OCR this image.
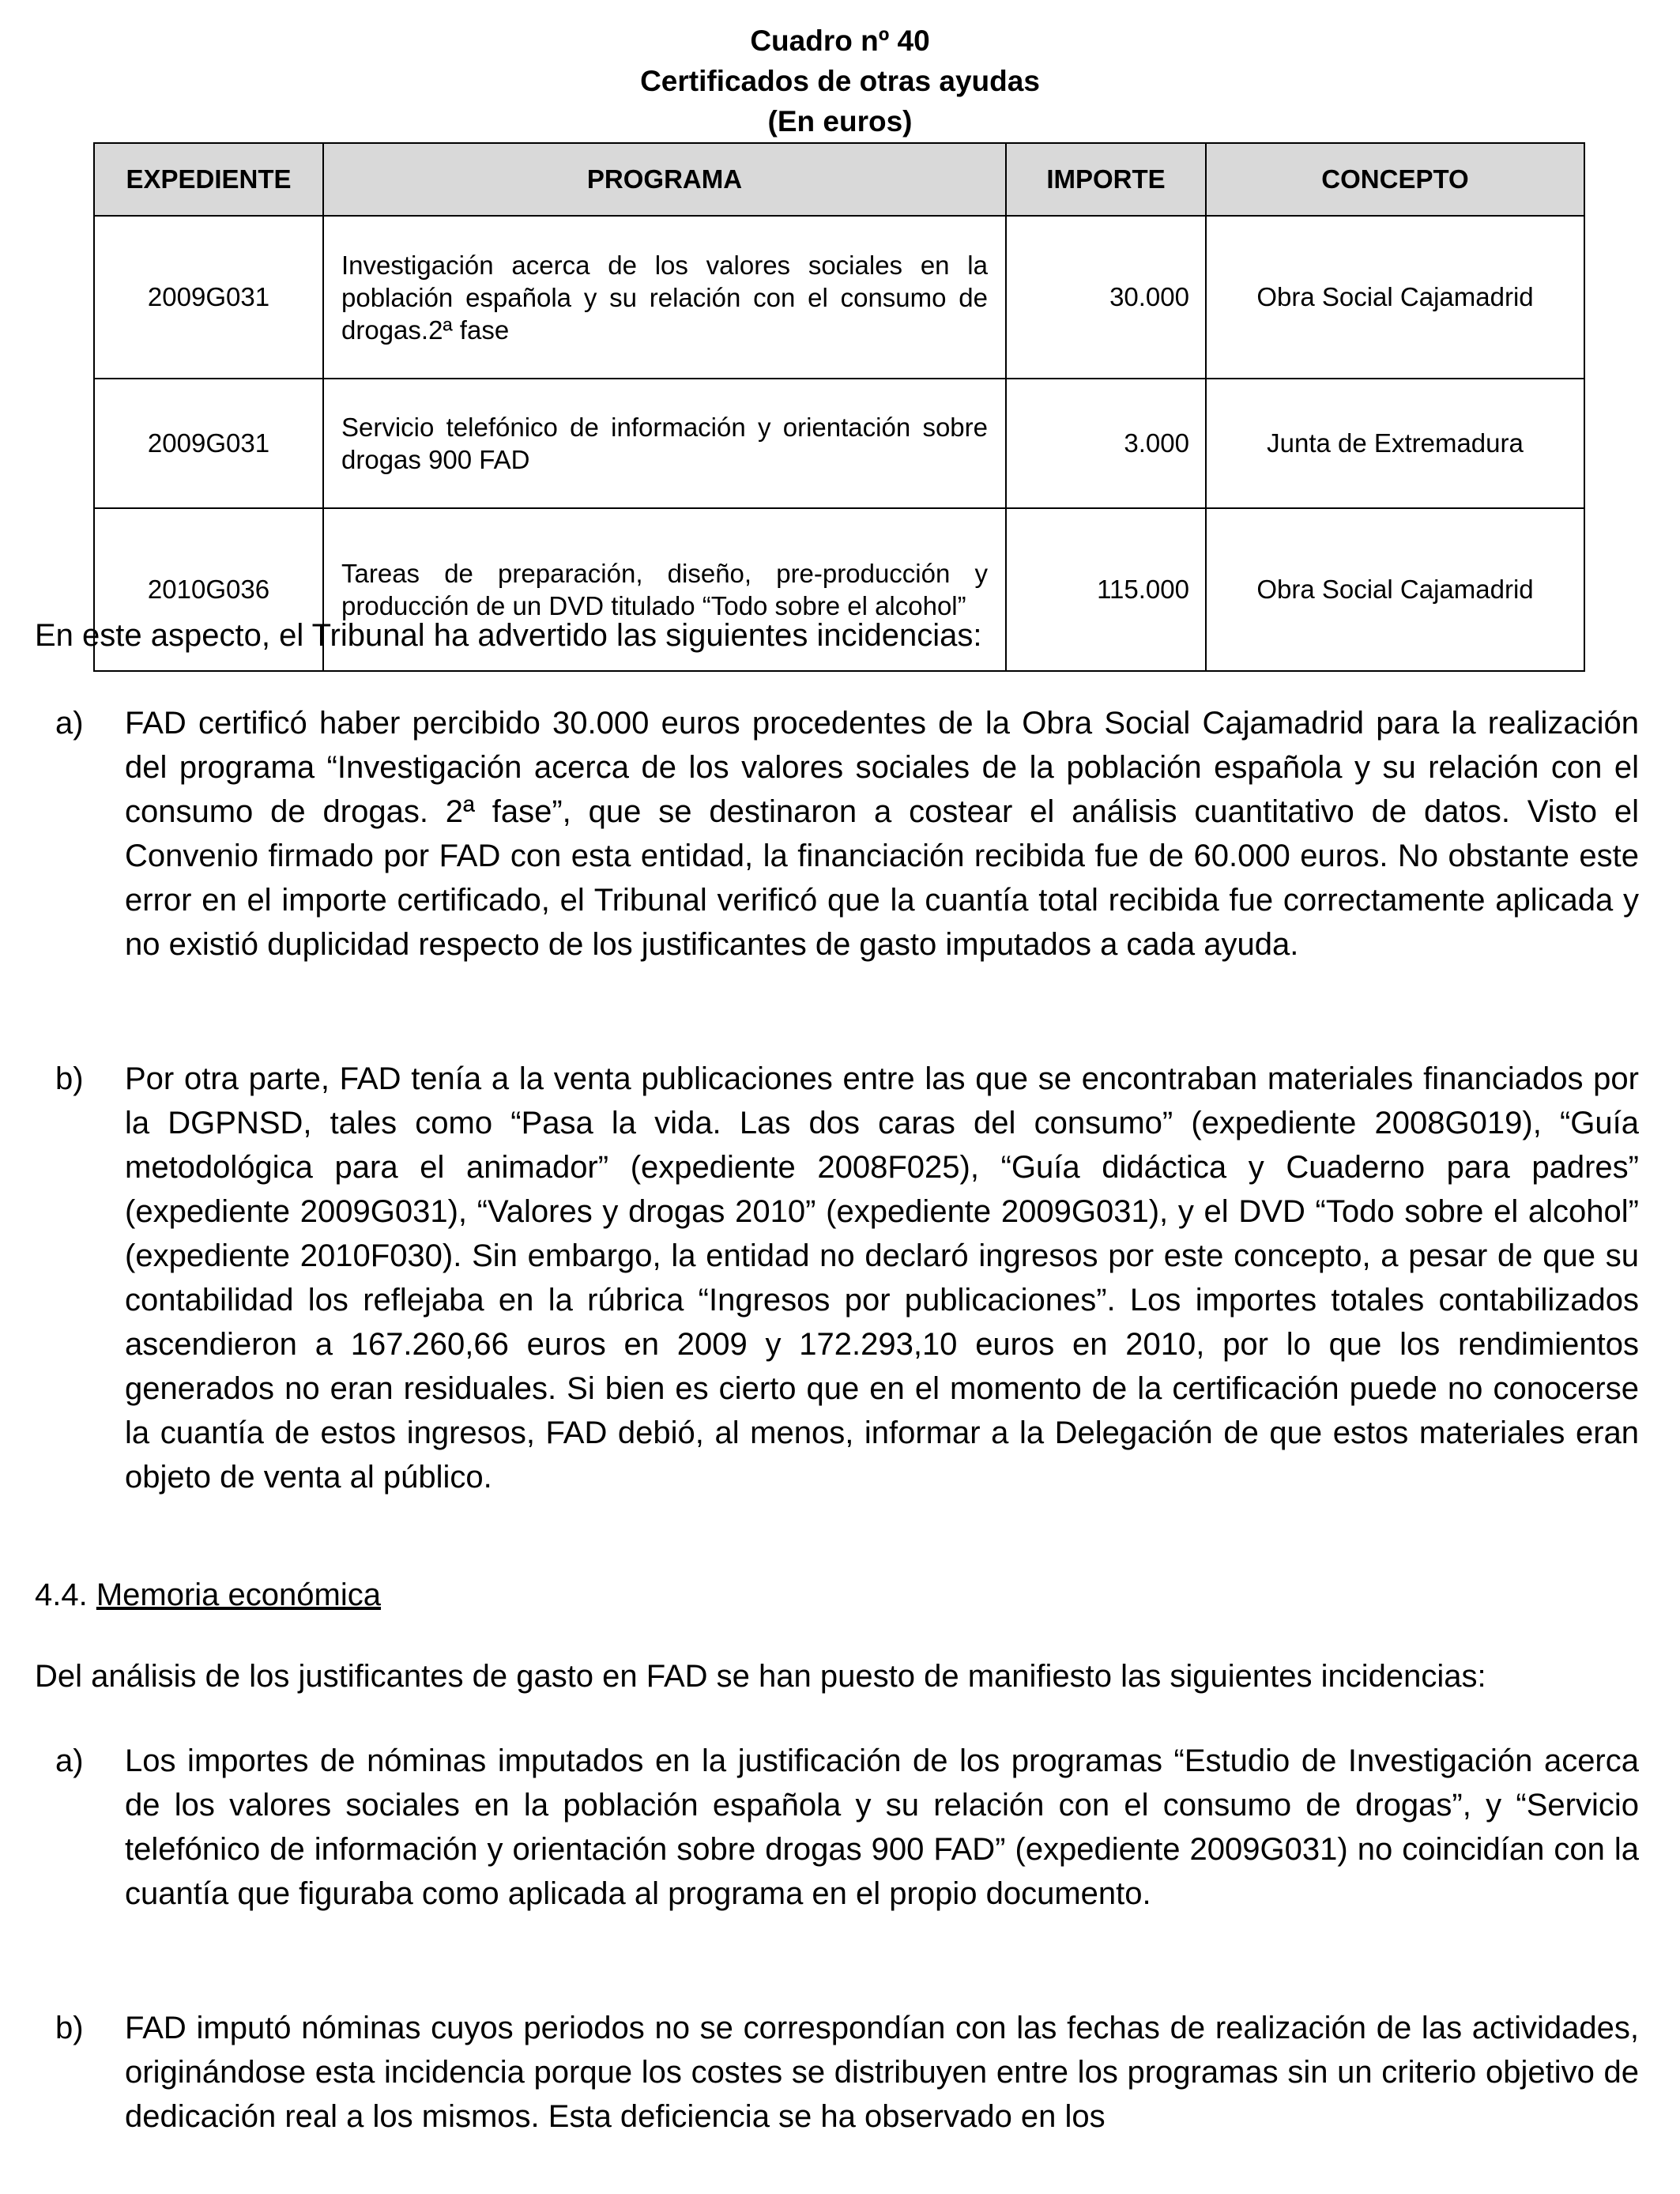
Cuadro nº 40
Certificados de otras ayudas
(En euros)
EXPEDIENTE	PROGRAMA	IMPORTE	CONCEPTO
2009G031	Investigación acerca de los valores sociales en la población española y su relación con el consumo de drogas.2ª fase	30.000	Obra Social Cajamadrid
2009G031	Servicio telefónico de información y orientación sobre drogas 900 FAD	3.000	Junta de Extremadura
2010G036	Tareas de preparación, diseño, pre-producción y producción de un DVD titulado “Todo sobre el alcohol”	115.000	Obra Social Cajamadrid

En este aspecto, el Tribunal ha advertido las siguientes incidencias:

a) FAD certificó haber percibido 30.000 euros procedentes de la Obra Social Cajamadrid para la realización del programa “Investigación acerca de los valores sociales de la población española y su relación con el consumo de drogas. 2ª fase”, que se destinaron a costear el análisis cuantitativo de datos. Visto el Convenio firmado por FAD con esta entidad, la financiación recibida fue de 60.000 euros. No obstante este error en el importe certificado, el Tribunal verificó que la cuantía total recibida fue correctamente aplicada y no existió duplicidad respecto de los justificantes de gasto imputados a cada ayuda.
b) Por otra parte, FAD tenía a la venta publicaciones entre las que se encontraban materiales financiados por la DGPNSD, tales como “Pasa la vida. Las dos caras del consumo” (expediente 2008G019), “Guía metodológica para el animador” (expediente 2008F025), “Guía didáctica y Cuaderno para padres” (expediente 2009G031), “Valores y drogas 2010” (expediente 2009G031), y el DVD “Todo sobre el alcohol” (expediente 2010F030). Sin embargo, la entidad no declaró ingresos por este concepto, a pesar de que su contabilidad los reflejaba en la rúbrica “Ingresos por publicaciones”. Los importes totales contabilizados ascendieron a 167.260,66 euros en 2009 y 172.293,10 euros en 2010, por lo que los rendimientos generados no eran residuales. Si bien es cierto que en el momento de la certificación puede no conocerse la cuantía de estos ingresos, FAD debió, al menos, informar a la Delegación de que estos materiales eran objeto de venta al público.
4.4. Memoria económica

Del análisis de los justificantes de gasto en FAD se han puesto de manifiesto las siguientes incidencias:

a) Los importes de nóminas imputados en la justificación de los programas “Estudio de Investigación acerca de los valores sociales en la población española y su relación con el consumo de drogas”, y “Servicio telefónico de información y orientación sobre drogas 900 FAD” (expediente 2009G031) no coincidían con la cuantía que figuraba como aplicada al programa en el propio documento.
b) FAD imputó nóminas cuyos periodos no se correspondían con las fechas de realización de las actividades, originándose esta incidencia porque los costes se distribuyen entre los programas sin un criterio objetivo de dedicación real a los mismos. Esta deficiencia se ha observado en los
